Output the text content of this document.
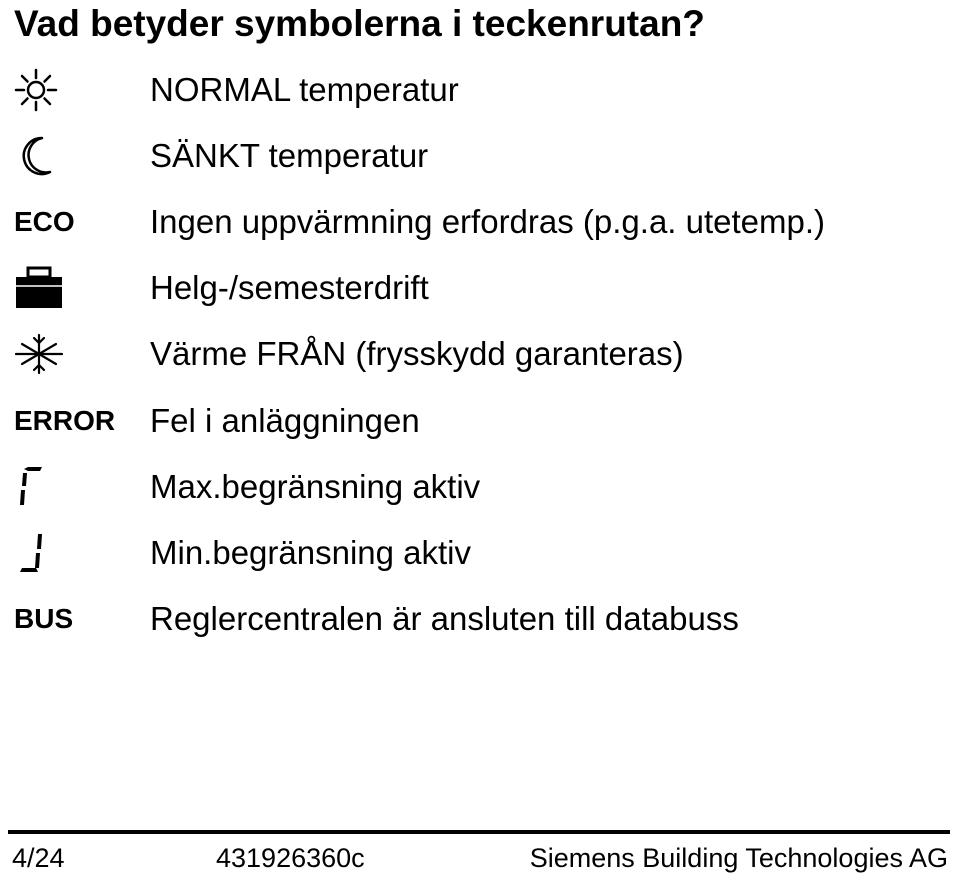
Vad betyder symbolerna i teckenrutan?
NORMAL temperatur
SÄNKT temperatur
ECO Ingen uppvärmning erfordras (p.g.a. utetemp.)
Helg-/semesterdrift
Värme FRÅN (frysskydd garanteras)
ERROR Fel i anläggningen
Max.begränsning aktiv
Min.begränsning aktiv
BUS Reglercentralen är ansluten till databuss
4/24	431926360c	Siemens Building Technologies AG
